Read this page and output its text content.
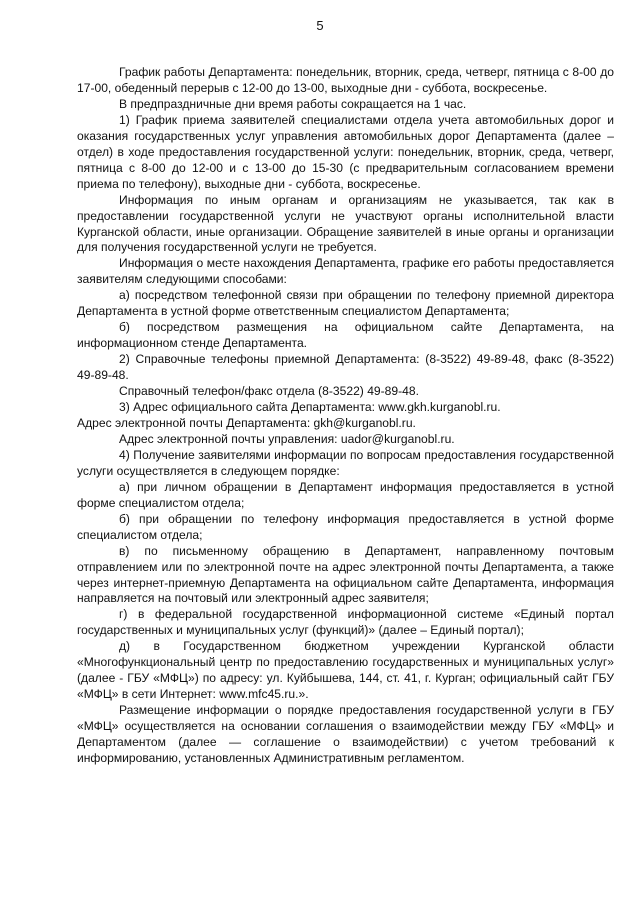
5

График работы Департамента: понедельник, вторник, среда, четверг, пятница с 8-00 до 17-00, обеденный перерыв с 12-00 до 13-00, выходные дни - суббота, воскресенье.

В предпраздничные дни время работы сокращается на 1 час.

1) График приема заявителей специалистами отдела учета автомобильных дорог и оказания государственных услуг управления автомобильных дорог Департамента (далее – отдел) в ходе предоставления государственной услуги: понедельник, вторник, среда, четверг, пятница с 8-00 до 12-00 и с 13-00 до 15-30 (с предварительным согласованием времени приема по телефону), выходные дни - суббота, воскресенье.

Информация по иным органам и организациям не указывается, так как в предоставлении государственной услуги не участвуют органы исполнительной власти Курганской области, иные организации. Обращение заявителей в иные органы и организации для получения государственной услуги не требуется.

Информация о месте нахождения Департамента, графике его работы предоставляется заявителям следующими способами:

а) посредством телефонной связи при обращении по телефону приемной директора Департамента в устной форме ответственным специалистом Департамента;

б) посредством размещения на официальном сайте Департамента, на информационном стенде Департамента.

2) Справочные телефоны приемной Департамента: (8-3522) 49-89-48, факс (8-3522) 49-89-48.

Справочный телефон/факс отдела (8-3522) 49-89-48.

3) Адрес официального сайта Департамента: www.gkh.kurganobl.ru.

Адрес электронной почты Департамента: gkh@kurganobl.ru.

Адрес электронной почты управления: uador@kurganobl.ru.

4) Получение заявителями информации по вопросам предоставления государственной услуги осуществляется в следующем порядке:

а) при личном обращении в Департамент информация предоставляется в устной форме специалистом отдела;

б) при обращении по телефону информация предоставляется в устной форме специалистом отдела;

в) по письменному обращению в Департамент, направленному почтовым отправлением или по электронной почте на адрес электронной почты Департамента, а также через интернет-приемную Департамента на официальном сайте Департамента, информация направляется на почтовый или электронный адрес заявителя;

г) в федеральной государственной информационной системе «Единый портал государственных и муниципальных услуг (функций)» (далее – Единый портал);

д) в Государственном бюджетном учреждении Курганской области «Многофункциональный центр по предоставлению государственных и муниципальных услуг» (далее - ГБУ «МФЦ») по адресу: ул. Куйбышева, 144, ст. 41, г. Курган; официальный сайт ГБУ «МФЦ» в сети Интернет: www.mfc45.ru.».

Размещение информации о порядке предоставления государственной услуги в ГБУ «МФЦ» осуществляется на основании соглашения о взаимодействии между ГБУ «МФЦ» и Департаментом (далее — соглашение о взаимодействии) с учетом требований к информированию, установленных Административным регламентом.
